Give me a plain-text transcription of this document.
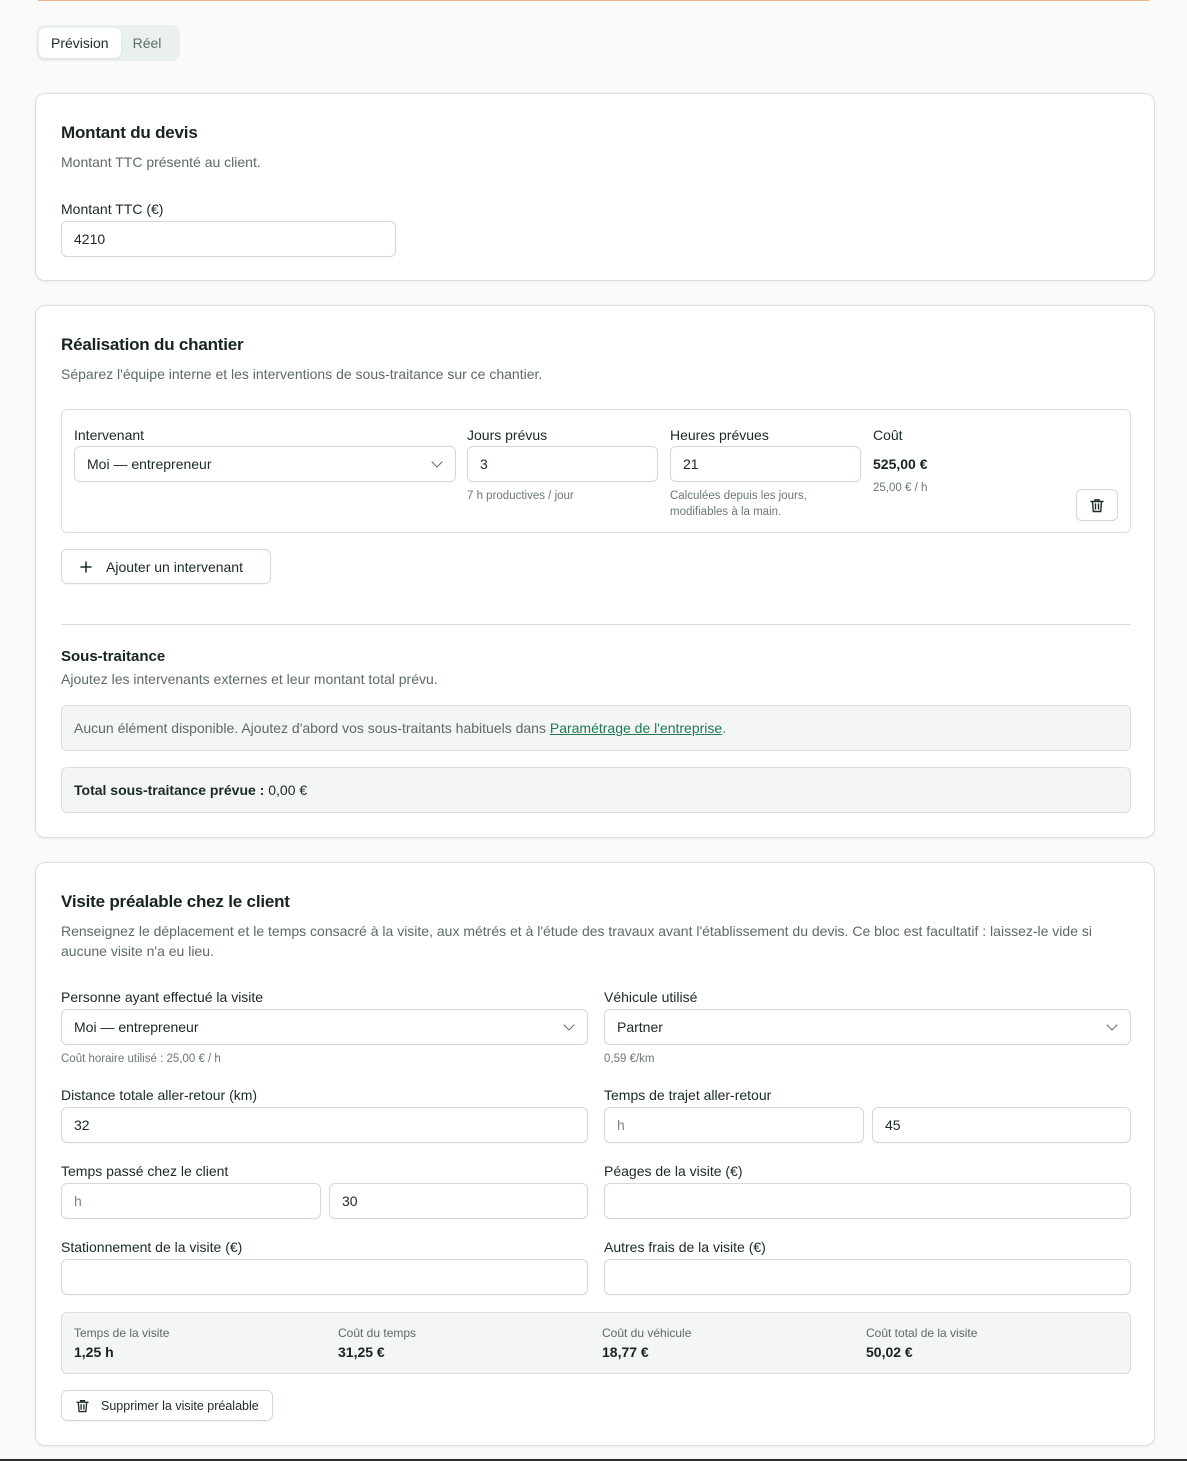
Prévision	Réel
Montant du devis
Montant TTC présenté au client.
Montant TTC (€)
4210
Réalisation du chantier
Séparez l'équipe interne et les interventions de sous-traitance sur ce chantier.
Intervenant
Moi — entrepreneur
Jours prévus
3
7 h productives / jour
Heures prévues
21
Calculées depuis les jours,
modifiables à la main.
Coût
525,00 €
25,00 € / h
Ajouter un intervenant
Sous-traitance
Ajoutez les intervenants externes et leur montant total prévu.
Aucun élément disponible. Ajoutez d'abord vos sous-traitants habituels dans Paramétrage de l'entreprise.
Total sous-traitance prévue : 0,00 €
Visite préalable chez le client
Renseignez le déplacement et le temps consacré à la visite, aux métrés et à l'étude des travaux avant l'établissement du devis. Ce bloc est facultatif : laissez-le vide si aucune visite n'a eu lieu.
Personne ayant effectué la visite
Moi — entrepreneur
Coût horaire utilisé : 25,00 € / h
Véhicule utilisé
Partner
0,59 €/km
Distance totale aller-retour (km)
32
Temps de trajet aller-retour
h	45
Temps passé chez le client
h	30
Péages de la visite (€)
Stationnement de la visite (€)	Autres frais de la visite (€)
Temps de la visite
1,25 h
Coût du temps
31,25 €
Coût du véhicule
18,77 €
Coût total de la visite
50,02 €
Supprimer la visite préalable
